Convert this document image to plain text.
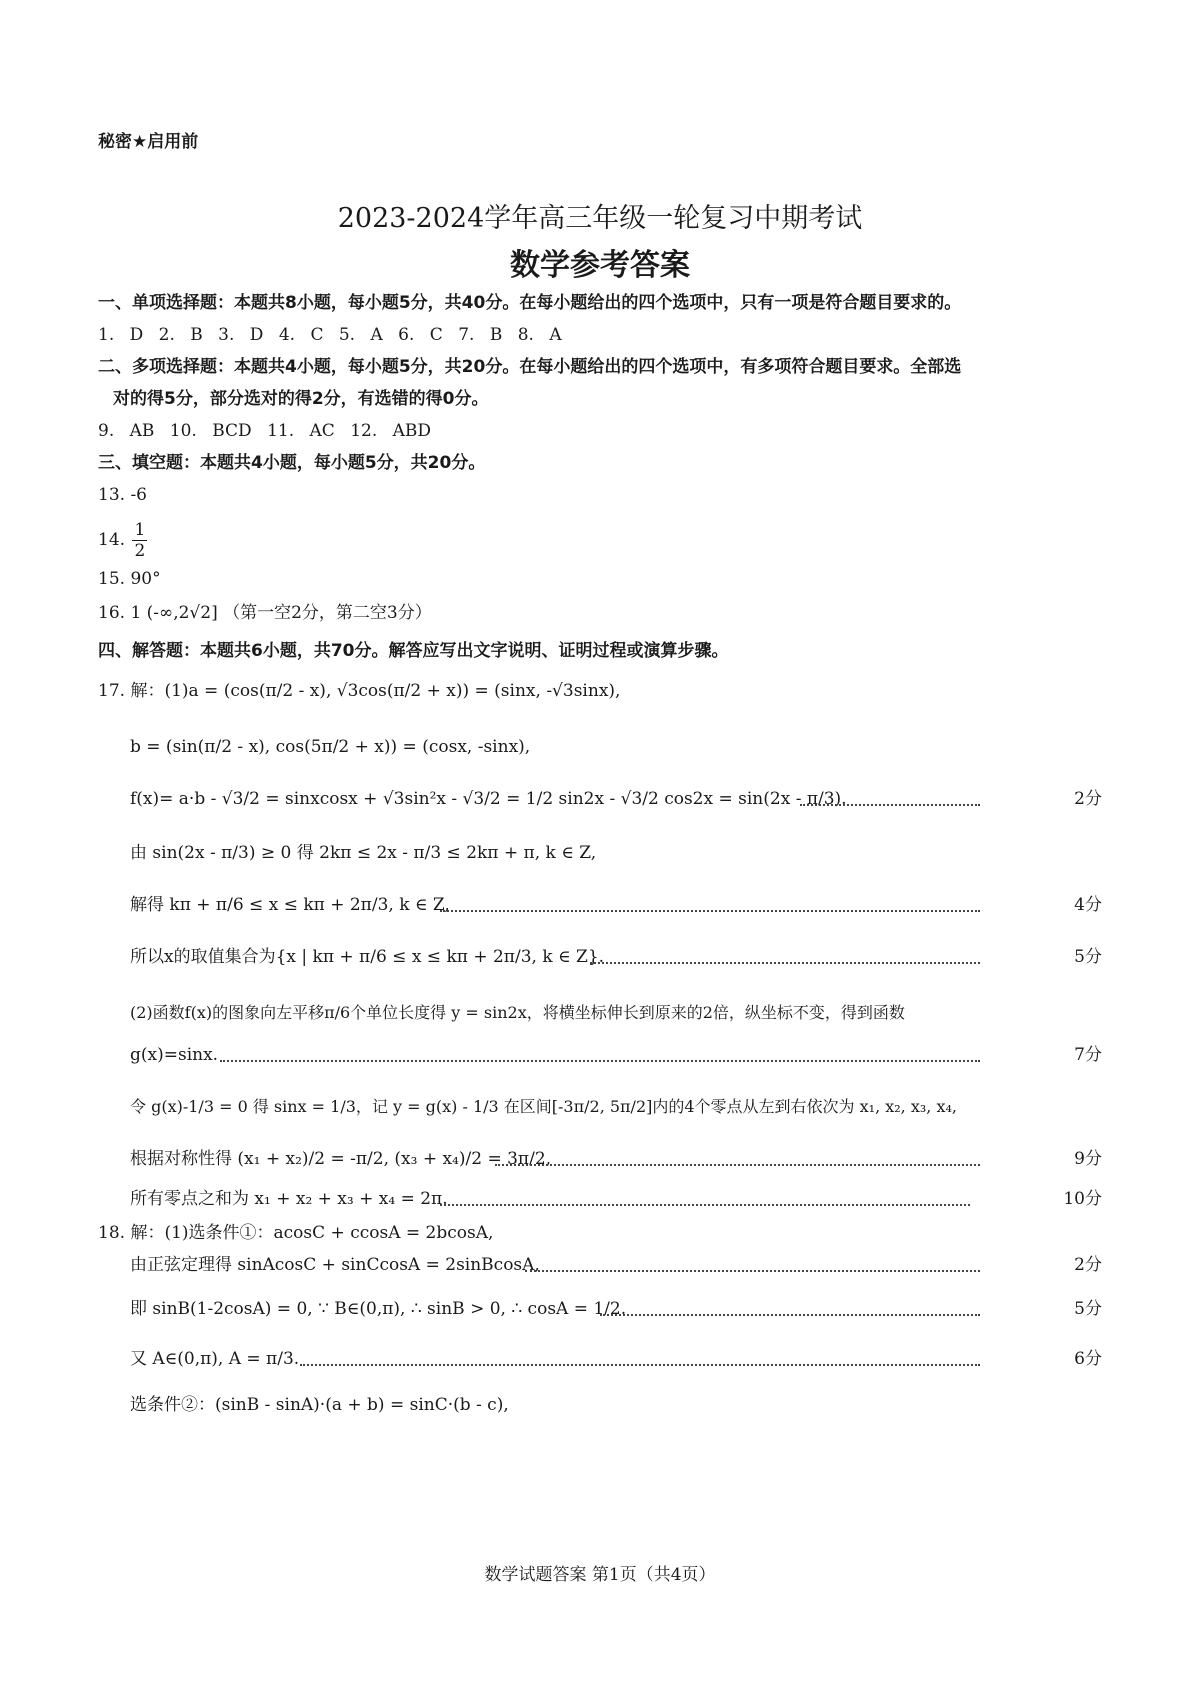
秘密★启用前
2023-2024学年高三年级一轮复习中期考试
数学参考答案
一、单项选择题：本题共8小题，每小题5分，共40分。在每小题给出的四个选项中，只有一项是符合题目要求的。
1. D 2. B 3. D 4. C 5. A 6. C 7. B 8. A
二、多项选择题：本题共4小题，每小题5分，共20分。在每小题给出的四个选项中，有多项符合题目要求。全部选
对的得5分，部分选对的得2分，有选错的得0分。
9. AB 10. BCD 11. AC 12. ABD
三、填空题：本题共4小题，每小题5分，共20分。
13. -6
14. $\frac{1}{2}$
15. 90°
16. 1 (-∞,2√2] （第一空2分，第二空3分）
四、解答题：本题共6小题，共70分。解答应写出文字说明、证明过程或演算步骤。
17. 解：(1)a = (cos(π/2 - x), √3cos(π/2 + x)) = (sinx, -√3sinx),
b = (sin(π/2 - x), cos(5π/2 + x)) = (cosx, -sinx),
f(x)= a·b - √3/2 = sinxcosx + √3sin²x - √3/2 = 1/2 sin2x - √3/2 cos2x = sin(2x - π/3).	2分
由 sin(2x - π/3) ≥ 0 得 2kπ ≤ 2x - π/3 ≤ 2kπ + π, k ∈ Z,
解得 kπ + π/6 ≤ x ≤ kπ + 2π/3, k ∈ Z,	4分
所以x的取值集合为{x | kπ + π/6 ≤ x ≤ kπ + 2π/3, k ∈ Z}.	5分
(2)函数f(x)的图象向左平移π/6个单位长度得 y = sin2x，将横坐标伸长到原来的2倍，纵坐标不变，得到函数
g(x)=sinx.	7分
令 g(x)-1/3 = 0 得 sinx = 1/3，记 y = g(x) - 1/3 在区间[-3π/2, 5π/2]内的4个零点从左到右依次为 x₁, x₂, x₃, x₄,
根据对称性得 (x₁ + x₂)/2 = -π/2, (x₃ + x₄)/2 = 3π/2,	9分
所有零点之和为 x₁ + x₂ + x₃ + x₄ = 2π.	10分
18. 解：(1)选条件①：acosC + ccosA = 2bcosA,
由正弦定理得 sinAcosC + sinCcosA = 2sinBcosA,	2分
即 sinB(1-2cosA) = 0, ∵ B∈(0,π), ∴ sinB > 0, ∴ cosA = 1/2.	5分
又 A∈(0,π), A = π/3.	6分
选条件②：(sinB - sinA)·(a + b) = sinC·(b - c),
数学试题答案 第1页（共4页）
